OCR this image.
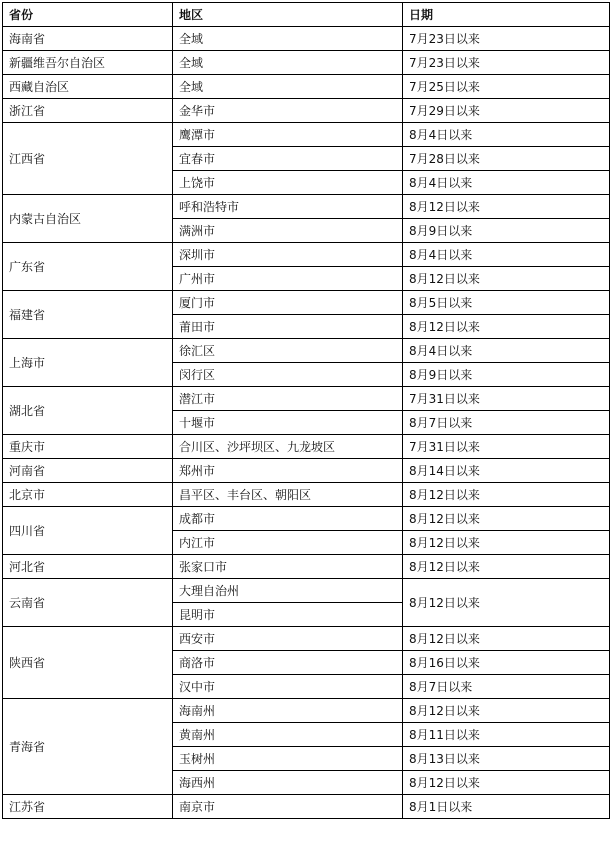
省份	地区	日期
海南省	全域	7月23日以来
新疆维吾尔自治区	全域	7月23日以来
西藏自治区	全域	7月25日以来
浙江省	金华市	7月29日以来
江西省	鹰潭市	8月4日以来
	宜春市	7月28日以来
	上饶市	8月4日以来
内蒙古自治区	呼和浩特市	8月12日以来
	满洲市	8月9日以来
广东省	深圳市	8月4日以来
	广州市	8月12日以来
福建省	厦门市	8月5日以来
	莆田市	8月12日以来
上海市	徐汇区	8月4日以来
	闵行区	8月9日以来
湖北省	潜江市	7月31日以来
	十堰市	8月7日以来
重庆市	合川区、沙坪坝区、九龙坡区	7月31日以来
河南省	郑州市	8月14日以来
北京市	昌平区、丰台区、朝阳区	8月12日以来
四川省	成都市	8月12日以来
	内江市	8月12日以来
河北省	张家口市	8月12日以来
云南省	大理自治州	8月12日以来
	昆明市	
陕西省	西安市	8月12日以来
	商洛市	8月16日以来
	汉中市	8月7日以来
青海省	海南州	8月12日以来
	黄南州	8月11日以来
	玉树州	8月13日以来
	海西州	8月12日以来
江苏省	南京市	8月1日以来
